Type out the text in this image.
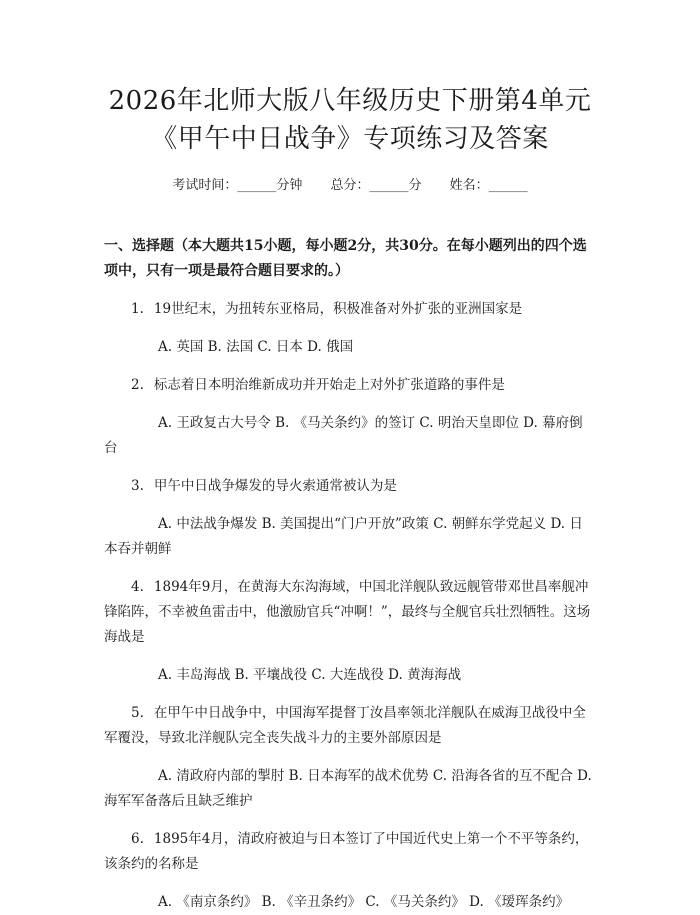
2026年北师大版八年级历史下册第4单元
《甲午中日战争》专项练习及答案
考试时间：______分钟 总分：______分 姓名：______
一、选择题（本大题共15小题，每小题2分，共30分。在每小题列出的四个选项中，只有一项是最符合题目要求的。）
1. 19世纪末，为扭转东亚格局，积极准备对外扩张的亚洲国家是
A. 英国 B. 法国 C. 日本 D. 俄国
2. 标志着日本明治维新成功并开始走上对外扩张道路的事件是
A. 王政复古大号令 B. 《马关条约》的签订 C. 明治天皇即位 D. 幕府倒台
3. 甲午中日战争爆发的导火索通常被认为是
A. 中法战争爆发 B. 美国提出“门户开放”政策 C. 朝鲜东学党起义 D. 日本吞并朝鲜
4. 1894年9月，在黄海大东沟海域，中国北洋舰队致远舰管带邓世昌率舰冲锋陷阵，不幸被鱼雷击中，他激励官兵“冲啊！”，最终与全舰官兵壮烈牺牲。这场海战是
A. 丰岛海战 B. 平壤战役 C. 大连战役 D. 黄海海战
5. 在甲午中日战争中，中国海军提督丁汝昌率领北洋舰队在威海卫战役中全军覆没，导致北洋舰队完全丧失战斗力的主要外部原因是
A. 清政府内部的掣肘 B. 日本海军的战术优势 C. 沿海各省的互不配合 D. 海军军备落后且缺乏维护
6. 1895年4月，清政府被迫与日本签订了中国近代史上第一个不平等条约，该条约的名称是
A. 《南京条约》 B. 《辛丑条约》 C. 《马关条约》 D. 《瑷珲条约》
